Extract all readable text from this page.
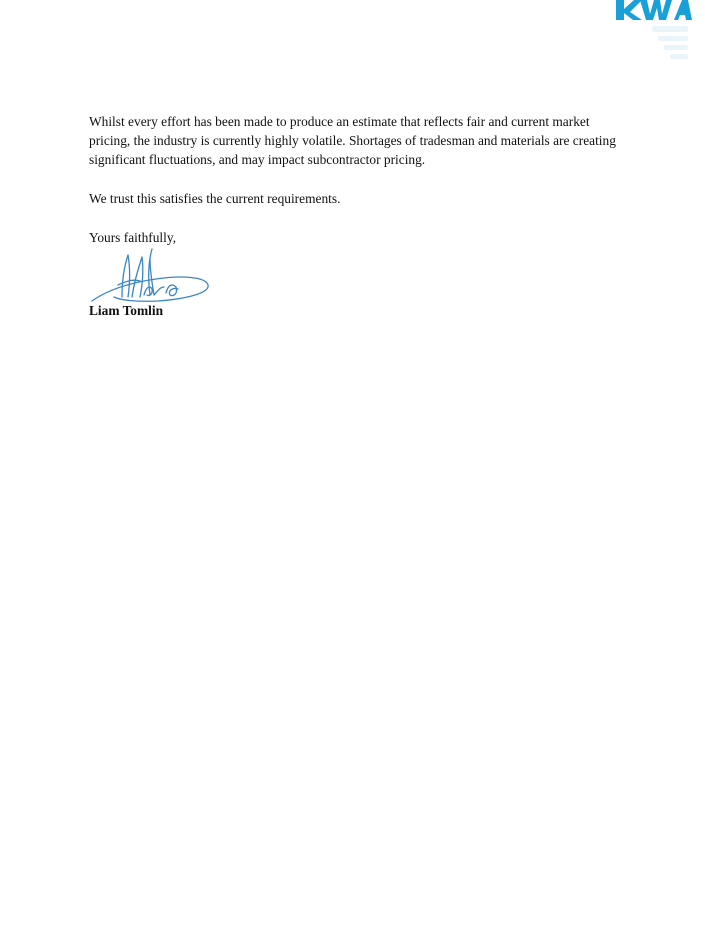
Whilst every effort has been made to produce an estimate that reflects fair and current market pricing, the industry is currently highly volatile. Shortages of tradesman and materials are creating significant fluctuations, and may impact subcontractor pricing.

We trust this satisfies the current requirements.

Yours faithfully,

Liam Tomlin
